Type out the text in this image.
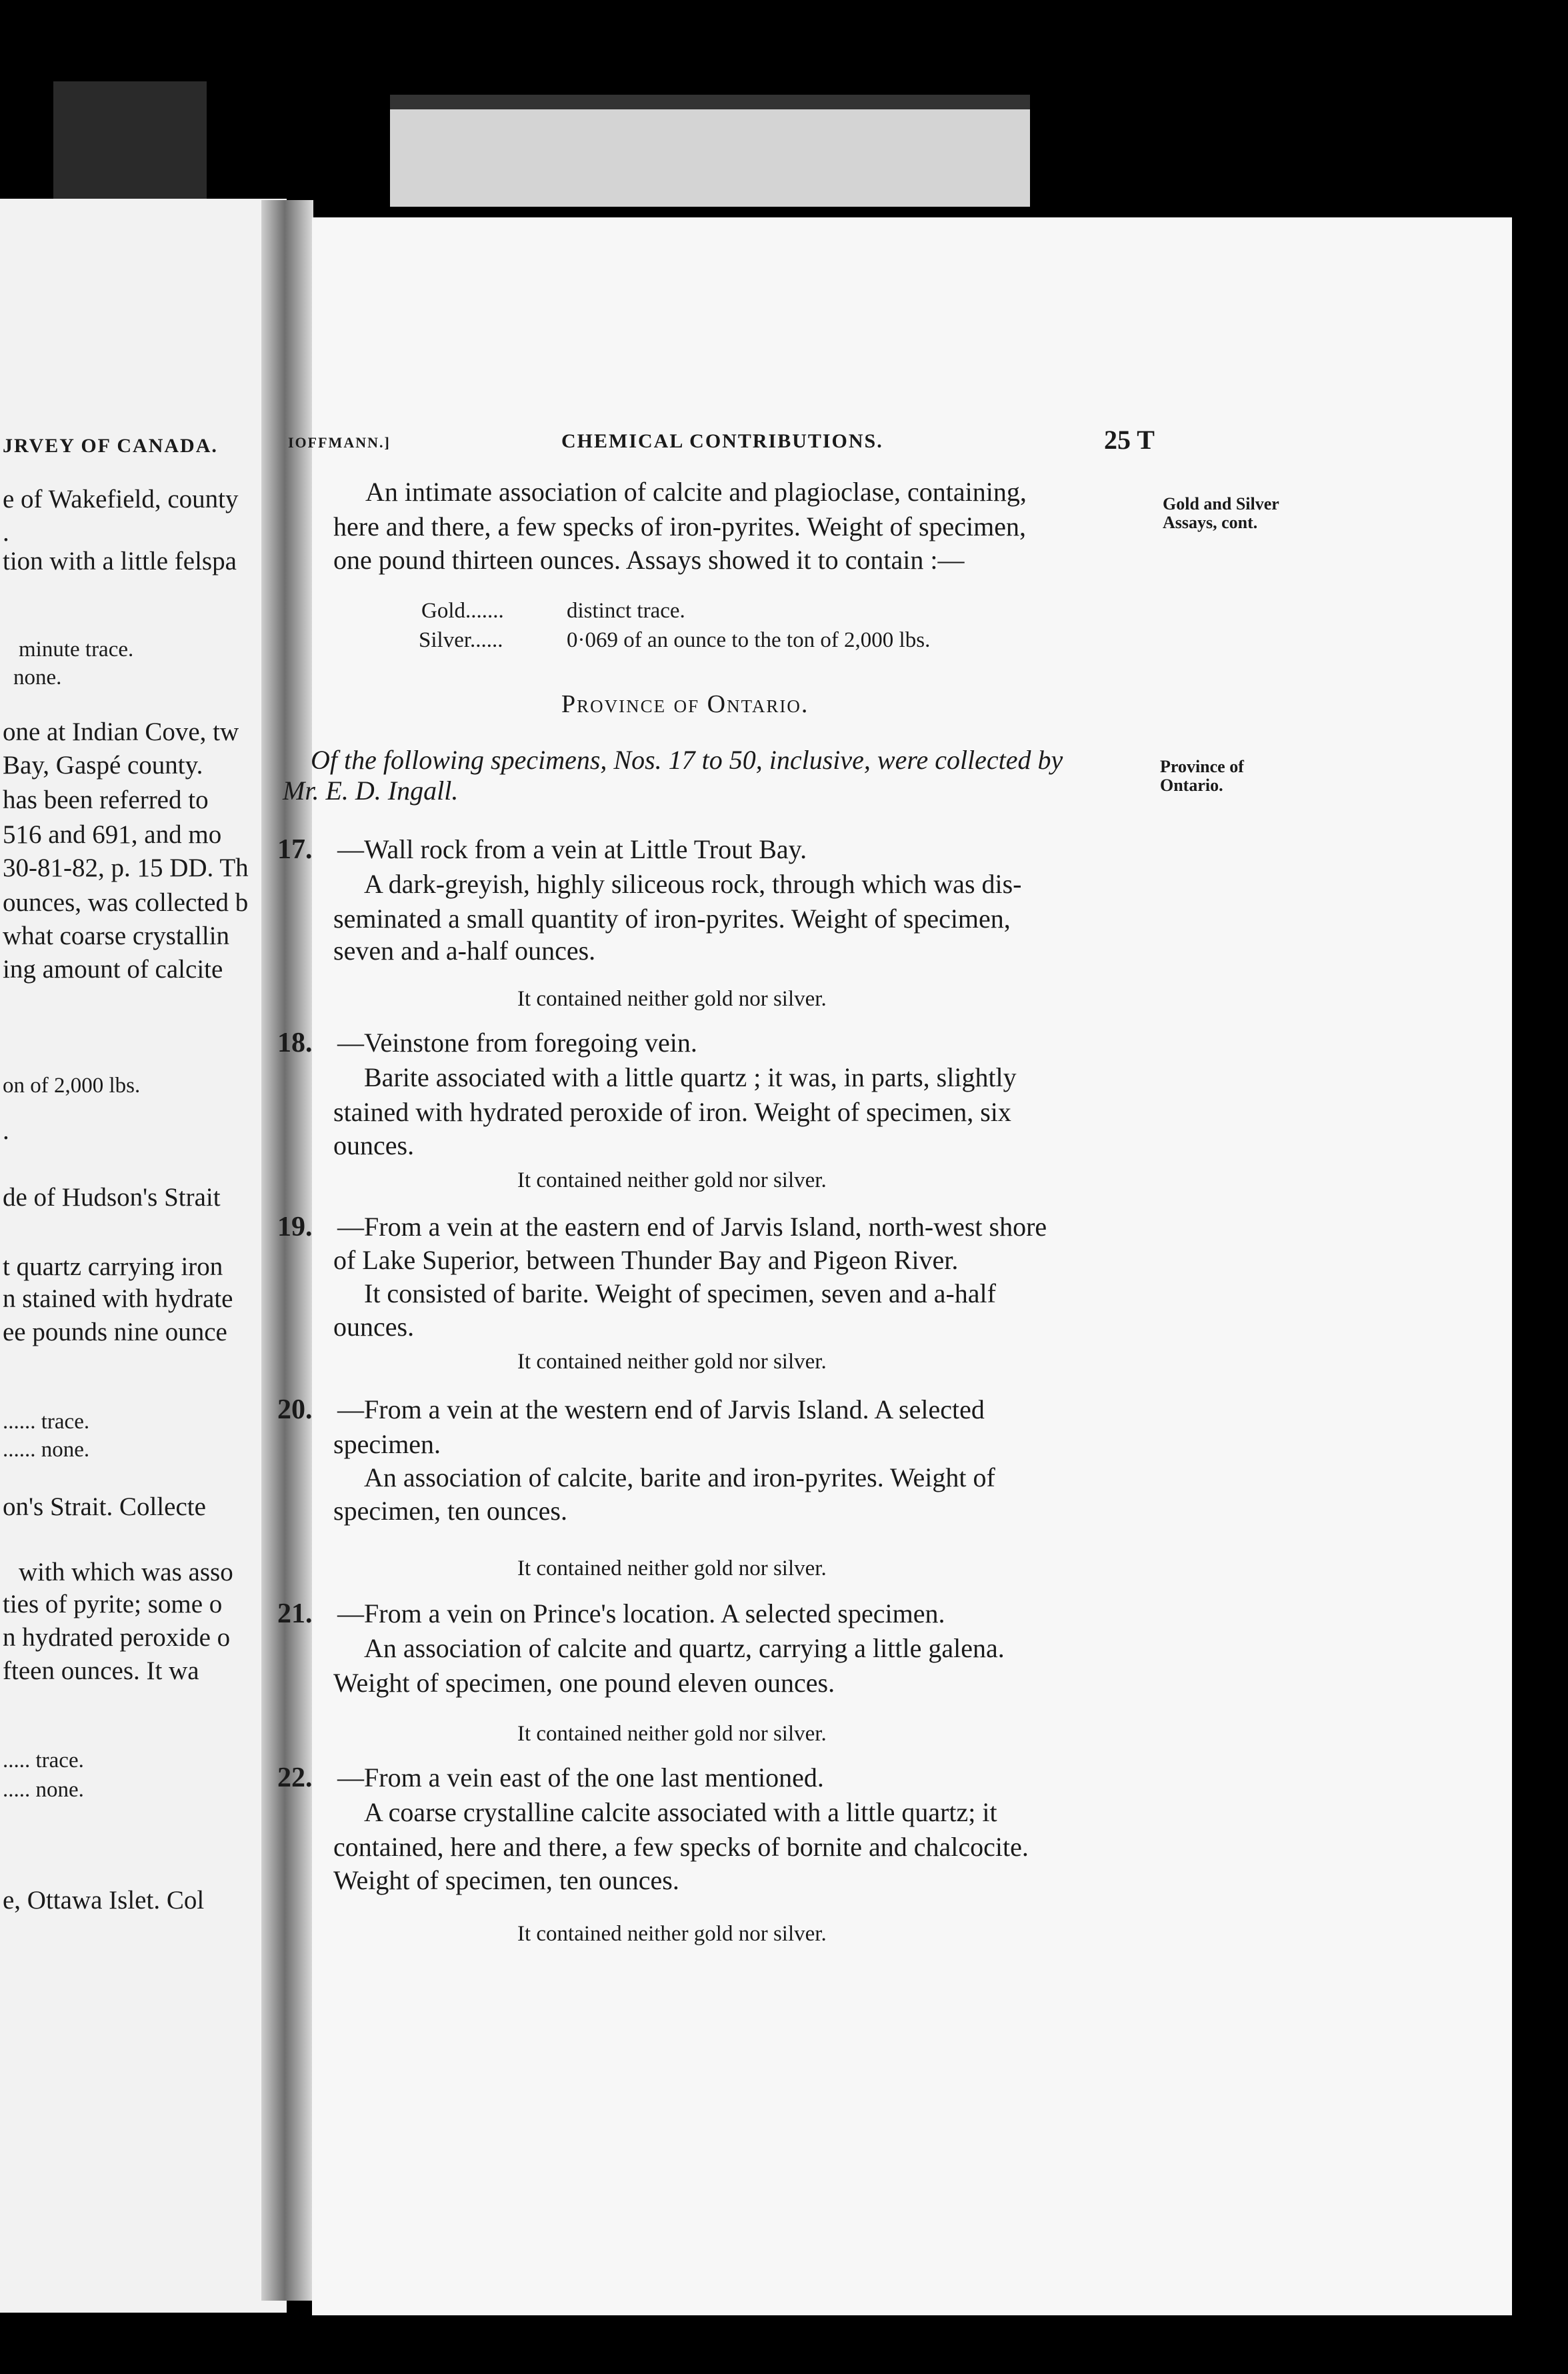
JRVEY OF CANADA.
e of Wakefield, county
.
tion with a little felspa
minute trace.
none.
one at Indian Cove, tw
Bay, Gaspé county.
has been referred to
516 and 691, and mo
30-81-82, p. 15 DD. Th
ounces, was collected b
what coarse crystallin
ing amount of calcite
on of 2,000 lbs.
.
de of Hudson's Strait
t quartz carrying iron
n stained with hydrate
ee pounds nine ounce
...... trace.
...... none.
on's Strait. Collecte
with which was asso
ties of pyrite; some o
n hydrated peroxide o
fteen ounces. It wa
..... trace.
..... none.
e, Ottawa Islet. Col
IOFFMANN.]	CHEMICAL CONTRIBUTIONS.	25 T
Gold and Silver
Assays, cont.
Province of
Ontario.
An intimate association of calcite and plagioclase, containing,
here and there, a few specks of iron-pyrites. Weight of specimen,
one pound thirteen ounces. Assays showed it to contain :—
Gold.......	distinct trace.
Silver......	0·069 of an ounce to the ton of 2,000 lbs.
Province of Ontario.
Of the following specimens, Nos. 17 to 50, inclusive, were collected by
Mr. E. D. Ingall.
17. —Wall rock from a vein at Little Trout Bay.
A dark-greyish, highly siliceous rock, through which was dis-
seminated a small quantity of iron-pyrites. Weight of specimen,
seven and a-half ounces.
It contained neither gold nor silver.
18. —Veinstone from foregoing vein.
Barite associated with a little quartz ; it was, in parts, slightly
stained with hydrated peroxide of iron. Weight of specimen, six
ounces.
It contained neither gold nor silver.
19. —From a vein at the eastern end of Jarvis Island, north-west shore
of Lake Superior, between Thunder Bay and Pigeon River.
It consisted of barite. Weight of specimen, seven and a-half
ounces.
It contained neither gold nor silver.
20. —From a vein at the western end of Jarvis Island. A selected
specimen.
An association of calcite, barite and iron-pyrites. Weight of
specimen, ten ounces.
It contained neither gold nor silver.
21. —From a vein on Prince's location. A selected specimen.
An association of calcite and quartz, carrying a little galena.
Weight of specimen, one pound eleven ounces.
It contained neither gold nor silver.
22. —From a vein east of the one last mentioned.
A coarse crystalline calcite associated with a little quartz; it
contained, here and there, a few specks of bornite and chalcocite.
Weight of specimen, ten ounces.
It contained neither gold nor silver.
